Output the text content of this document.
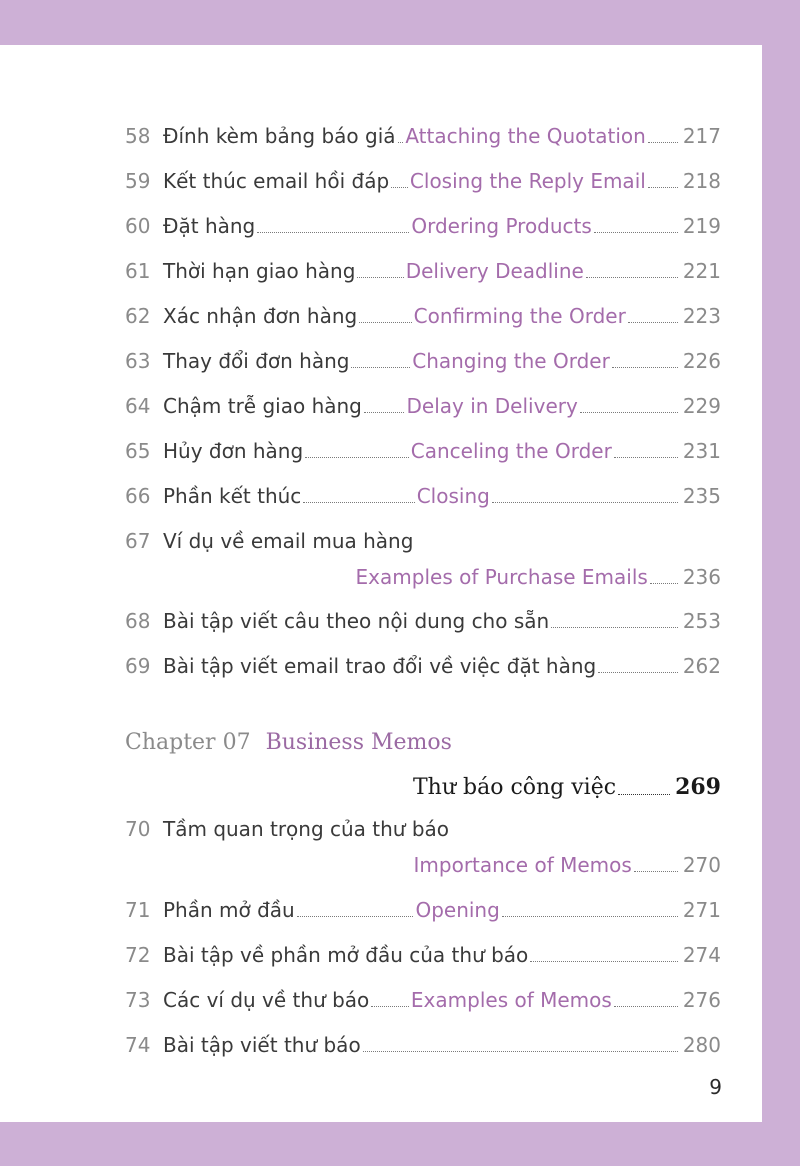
58 Đính kèm bảng báo giá Attaching the Quotation 217
59 Kết thúc email hồi đáp Closing the Reply Email 218
60 Đặt hàng	Ordering Products	219
61 Thời hạn giao hàng	Delivery Deadline	221
62 Xác nhận đơn hàng	Confirming the Order	223
63 Thay đổi đơn hàng	Changing the Order	226
64 Chậm trễ giao hàng Delay in Delivery	229
65 Hủy đơn hàng	Canceling the Order	231
66 Phần kết thúc	Closing	235
67 Ví dụ về email mua hàng
Examples of Purchase Emails 236
68 Bài tập viết câu theo nội dung cho sẵn	253
69 Bài tập viết email trao đổi về việc đặt hàng	262
Chapter 07 Business Memos
Thư báo công việc	269
70 Tầm quan trọng của thư báo
Importance of Memos	270
71 Phần mở đầu	Opening	271
72 Bài tập về phần mở đầu của thư báo	274
73 Các ví dụ về thư báo Examples of Memos	276
74 Bài tập viết thư báo	280
9
